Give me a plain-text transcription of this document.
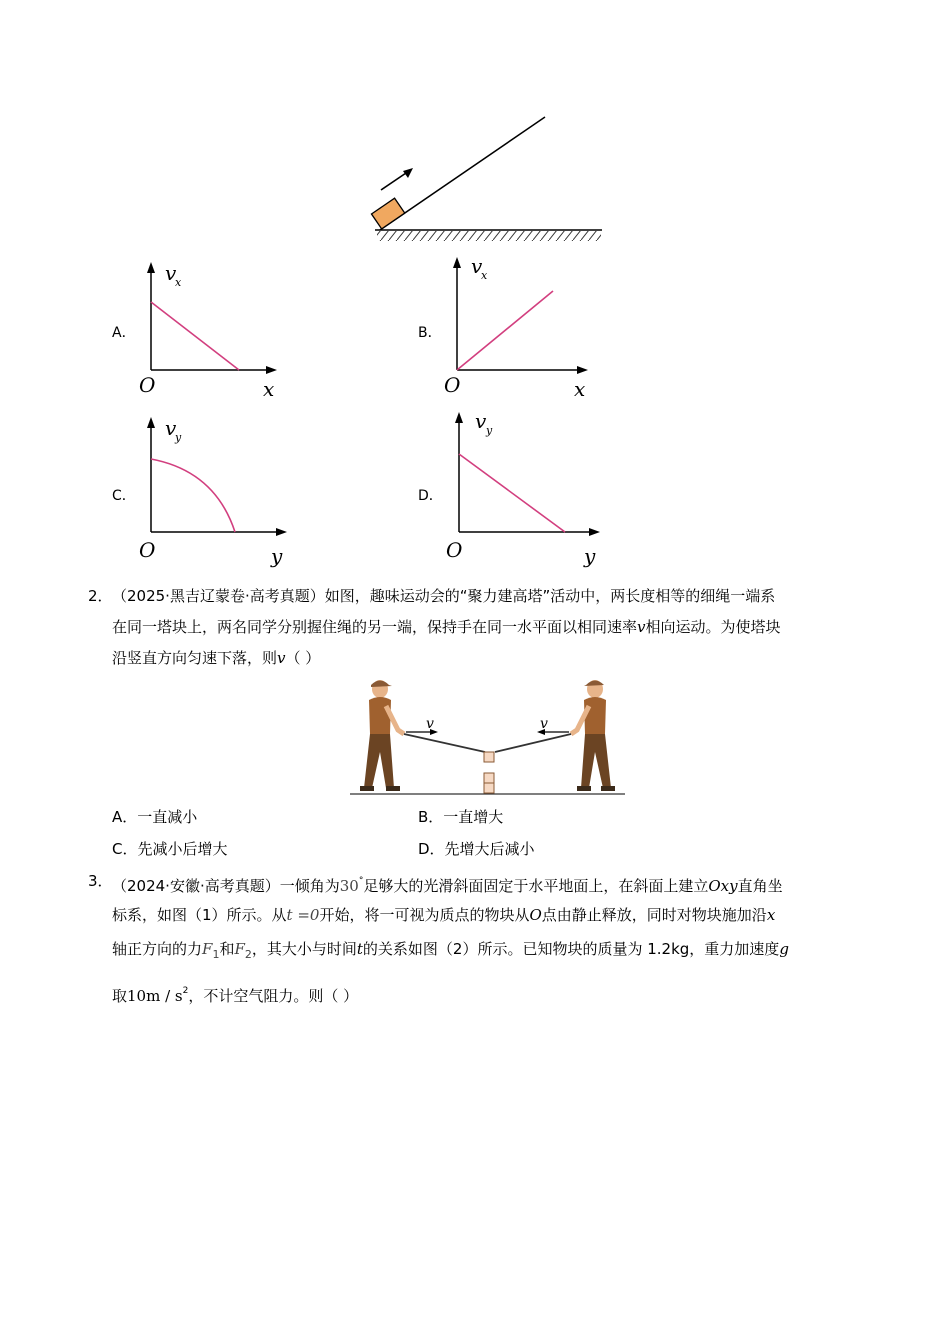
A．	B．
C．	D．
v
x
O	x
v
x
O	x
v
y
O	y
v y
O	y
2． （2025·黑吉辽蒙卷·高考真题）如图，趣味运动会的“聚力建高塔”活动中，两长度相等的细绳一端系
在同一塔块上，两名同学分别握住绳的另一端，保持手在同一水平面以相同速率v相向运动。为使塔块
沿竖直方向匀速下落，则v（ ）
v	v
A．一直减小	B．一直增大
C．先减小后增大	D．先增大后减小
3． （2024·安徽·高考真题）一倾角为30°足够大的光滑斜面固定于水平地面上，在斜面上建立Oxy直角坐
标系，如图（1）所示。从t =0开始，将一可视为质点的物块从O点由静止释放，同时对物块施加沿x
轴正方向的力$F_1$和$F_2$，其大小与时间t的关系如图（2）所示。已知物块的质量为 1.2kg，重力加速度g
取$10m / s^2$，不计空气阻力。则（ ）
